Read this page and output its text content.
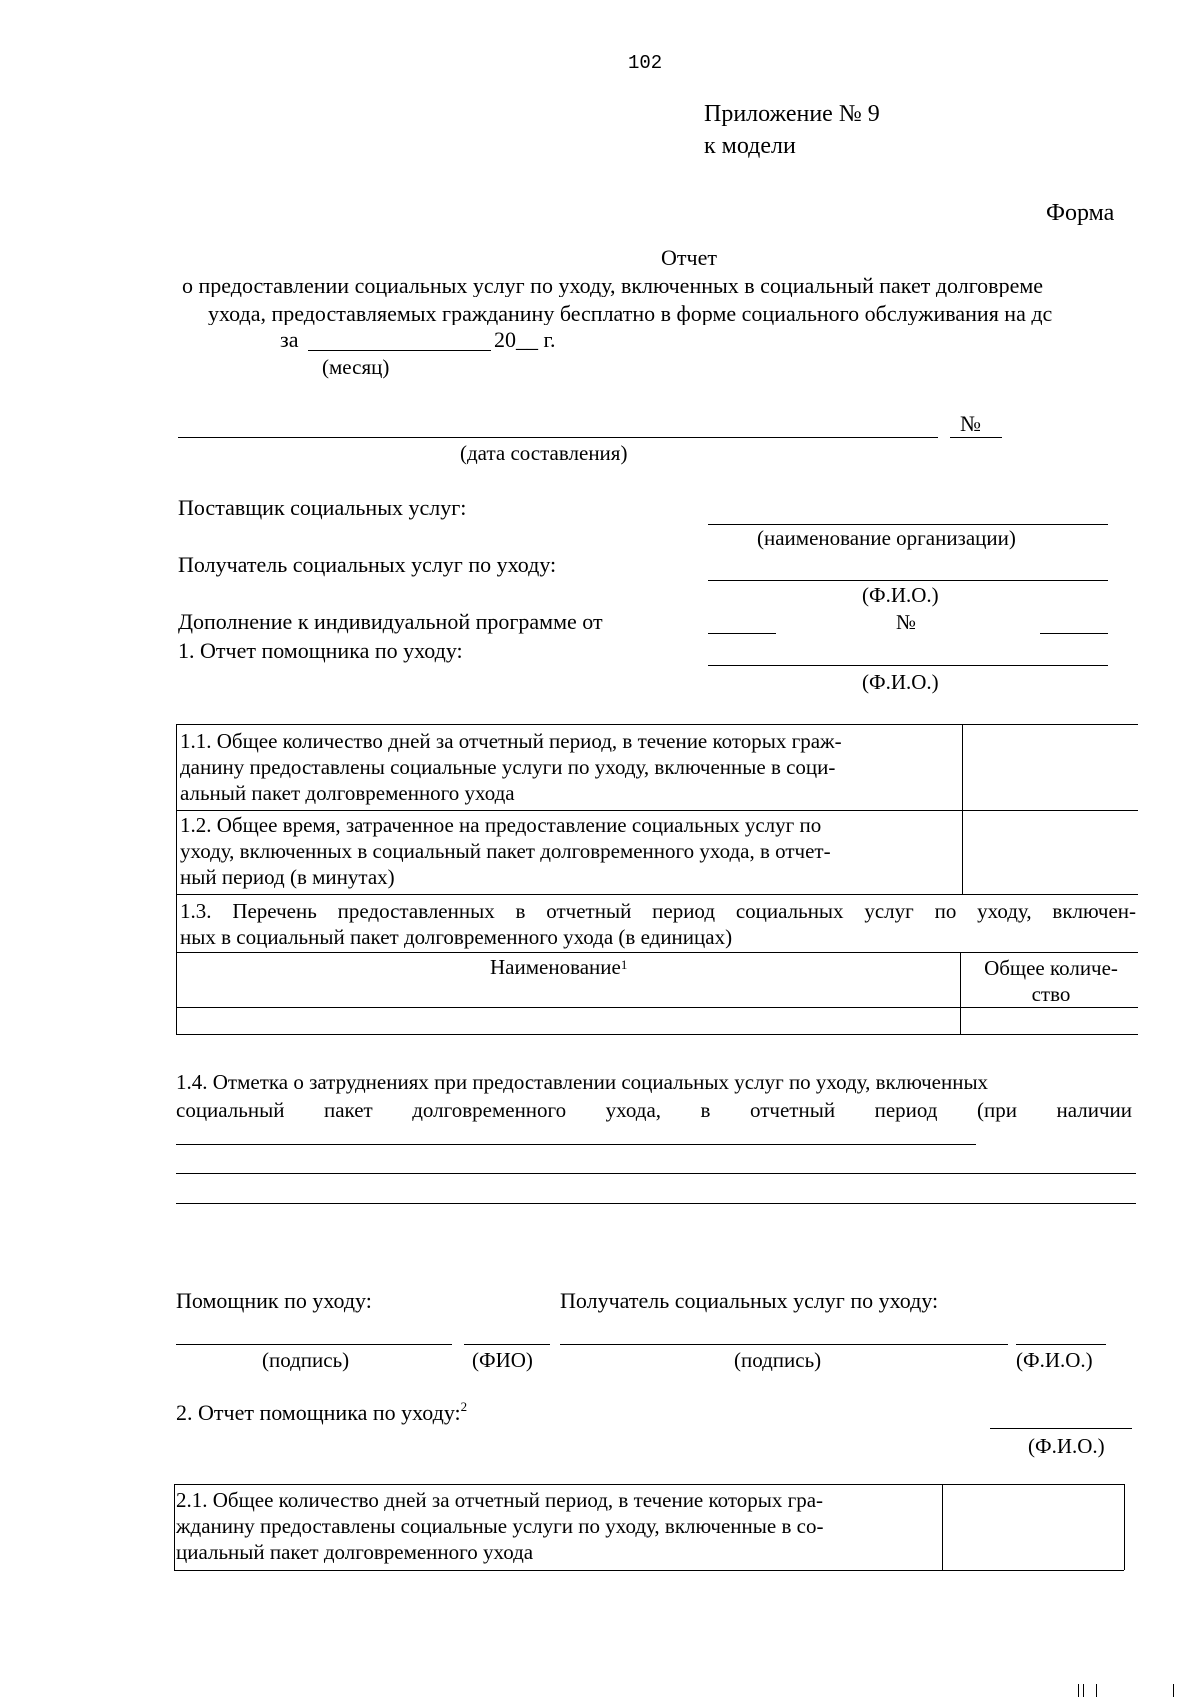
102
Приложение № 9
к модели
Форма
Отчет
о предоставлении социальных услуг по уходу, включенных в социальный пакет долговреме
ухода, предоставляемых гражданину бесплатно в форме социального обслуживания на дс
за	20__ г.
(месяц)
№
(дата составления)
Поставщик социальных услуг:
(наименование организации)
Получатель социальных услуг по уходу:
(Ф.И.О.)
Дополнение к индивидуальной программе от	№
1. Отчет помощника по уходу:
(Ф.И.О.)
1.1. Общее количество дней за отчетный период, в течение которых граж-
данину предоставлены социальные услуги по уходу, включенные в соци-
альный пакет долговременного ухода
1.2. Общее время, затраченное на предоставление социальных услуг по
уходу, включенных в социальный пакет долговременного ухода, в отчет-
ный период (в минутах)
1.3. Перечень предоставленных в отчетный период социальных услуг по уходу, включен-
ных в социальный пакет долговременного ухода (в единицах)
Наименование$^1$	Общее количе-
ство
1.4. Отметка о затруднениях при предоставлении социальных услуг по уходу, включенных
социальный пакет долговременного ухода, в отчетный период (при наличии
Помощник по уходу:	Получатель социальных услуг по уходу:
(подпись)	(ФИО)	(подпись)	(Ф.И.О.)
2. Отчет помощника по уходу:$^2$
(Ф.И.О.)
2.1. Общее количество дней за отчетный период, в течение которых гра-
жданину предоставлены социальные услуги по уходу, включенные в со-
циальный пакет долговременного ухода
